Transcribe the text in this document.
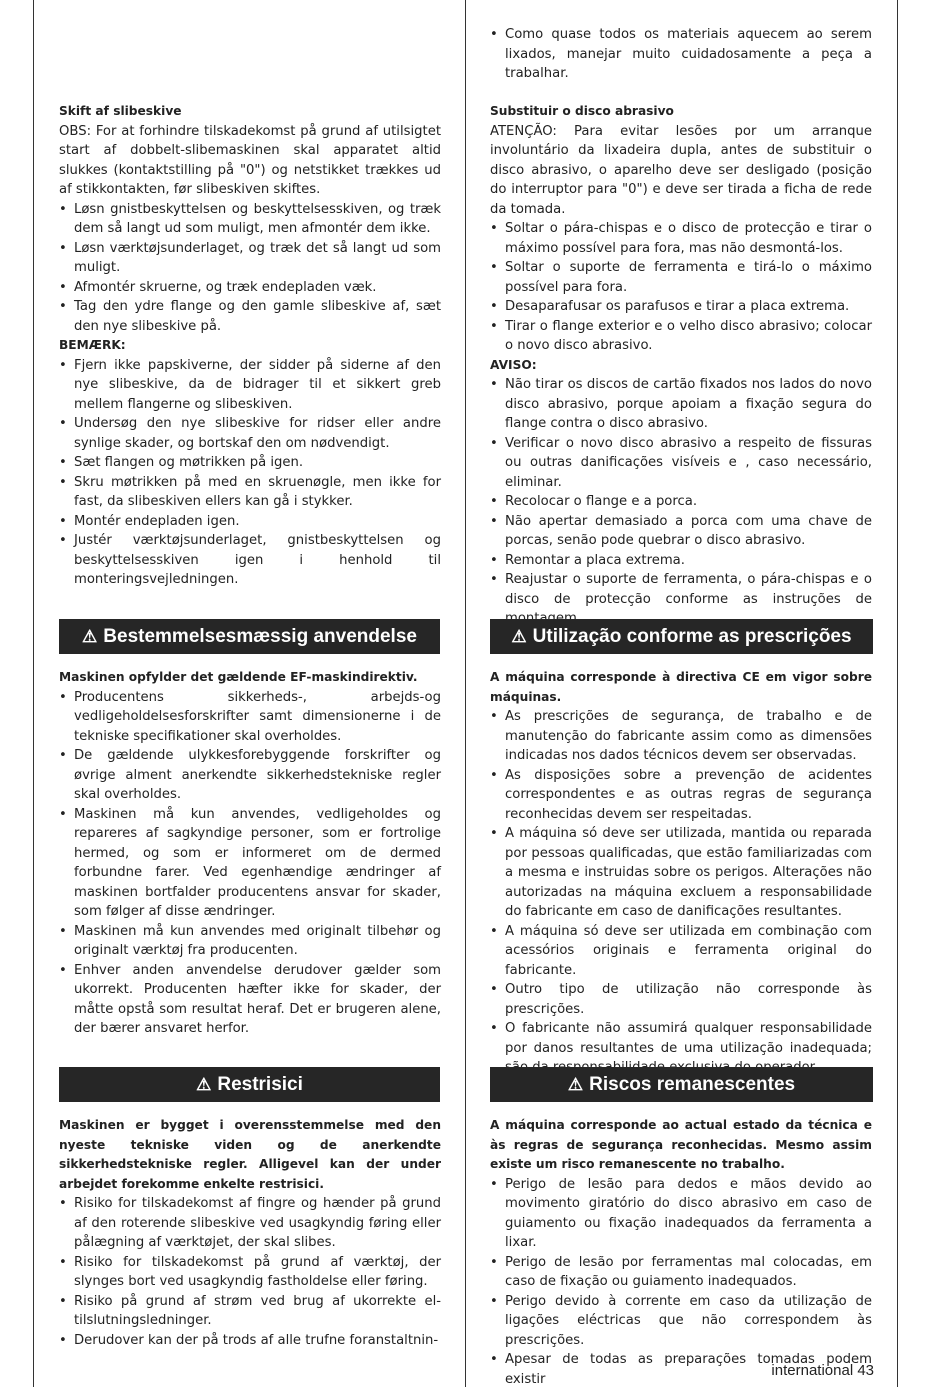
Skift af slibeskive

OBS: For at forhindre tilskadekomst på grund af utilsigtet start af dobbelt-slibemaskinen skal apparatet altid slukkes (kontaktstilling på "0") og netstikket trækkes ud af stikkontakten, før slibeskiven skiftes.

• Løsn gnistbeskyttelsen og beskyttelsesskiven, og træk dem så langt ud som muligt, men afmontér dem ikke.
• Løsn værktøjsunderlaget, og træk det så langt ud som muligt.
• Afmontér skruerne, og træk endepladen væk.
• Tag den ydre flange og den gamle slibeskive af, sæt den nye slibeskive på.
BEMÆRK:
• Fjern ikke papskiverne, der sidder på siderne af den nye slibeskive, da de bidrager til et sikkert greb mellem flangerne og slibeskiven.
• Undersøg den nye slibeskive for ridser eller andre synlige skader, og bortskaf den om nødvendigt.
• Sæt flangen og møtrikken på igen.
• Skru møtrikken på med en skruenøgle, men ikke for fast, da slibeskiven ellers kan gå i stykker.
• Montér endepladen igen.
• Justér værktøjsunderlaget, gnistbeskyttelsen og beskyttelsesskiven igen i henhold til monteringsvejledningen.
⚠ Bestemmelsesmæssig anvendelse

Maskinen opfylder det gældende EF-maskindirektiv.

• Producentens sikkerheds-, arbejds-og vedligeholdelsesforskrifter samt dimensionerne i de tekniske specifikationer skal overholdes.
• De gældende ulykkesforebyggende forskrifter og øvrige alment anerkendte sikkerhedstekniske regler skal overholdes.
• Maskinen må kun anvendes, vedligeholdes og repareres af sagkyndige personer, som er fortrolige hermed, og som er informeret om de dermed forbundne farer. Ved egenhændige ændringer af maskinen bortfalder producentens ansvar for skader, som følger af disse ændringer.
• Maskinen må kun anvendes med originalt tilbehør og originalt værktøj fra producenten.
• Enhver anden anvendelse derudover gælder som ukorrekt. Producenten hæfter ikke for skader, der måtte opstå som resultat heraf. Det er brugeren alene, der bærer ansvaret herfor.
⚠ Restrisici

Maskinen er bygget i overensstemmelse med den nyeste tekniske viden og de anerkendte sikkerhedstekniske regler. Alligevel kan der under arbejdet forekomme enkelte restrisici.

• Risiko for tilskadekomst af fingre og hænder på grund af den roterende slibeskive ved usagkyndig føring eller pålægning af værktøjet, der skal slibes.
• Risiko for tilskadekomst på grund af værktøj, der slynges bort ved usagkyndig fastholdelse eller føring.
• Risiko på grund af strøm ved brug af ukorrekte el-tilslutningsledninger.
• Derudover kan der på trods af alle trufne foranstaltnin-
• Como quase todos os materiais aquecem ao serem lixados, manejar muito cuidadosamente a peça a trabalhar.
Substituir o disco abrasivo

ATENÇÃO: Para evitar lesões por um arranque involuntário da lixadeira dupla, antes de substituir o disco abrasivo, o aparelho deve ser desligado (posição do interruptor para "0") e deve ser tirada a ficha de rede da tomada.

• Soltar o pára-chispas e o disco de protecção e tirar o máximo possível para fora, mas não desmontá-los.
• Soltar o suporte de ferramenta e tirá-lo o máximo possível para fora.
• Desaparafusar os parafusos e tirar a placa extrema.
• Tirar o flange exterior e o velho disco abrasivo; colocar o novo disco abrasivo.
AVISO:
• Não tirar os discos de cartão fixados nos lados do novo disco abrasivo, porque apoiam a fixação segura do flange contra o disco abrasivo.
• Verificar o novo disco abrasivo a respeito de fissuras ou outras danificações visíveis e , caso necessário, eliminar.
• Recolocar o flange e a porca.
• Não apertar demasiado a porca com uma chave de porcas, senão pode quebrar o disco abrasivo.
• Remontar a placa extrema.
• Reajustar o suporte de ferramenta, o pára-chispas e o disco de protecção conforme as instruções de
⚠ Utilização conforme as prescrições

A máquina corresponde à directiva CE em vigor sobre máquinas.

• As prescrições de segurança, de trabalho e de manutenção do fabricante assim como as dimensões indicadas nos dados técnicos devem ser observadas.
• As disposições sobre a prevenção de acidentes correspondentes e as outras regras de segurança reconhecidas devem ser respeitadas.
• A máquina só deve ser utilizada, mantida ou reparada por pessoas qualificadas, que estão familiarizadas com a mesma e instruidas sobre os perigos. Alterações não autorizadas na máquina excluem a responsabilidade do fabricante em caso de danificações resultantes.
• A máquina só deve ser utilizada em combinação com acessórios originais e ferramenta original do fabricante.
• Outro tipo de utilização não corresponde às prescrições.
• O fabricante não assumirá qualquer responsabilidade por danos resultantes de uma utilização inadequada;
⚠ Riscos remanescentes

A máquina corresponde ao actual estado da técnica e às regras de segurança reconhecidas. Mesmo assim existe um risco remanescente no trabalho.

• Perigo de lesão para dedos e mãos devido ao movimento giratório do disco abrasivo em caso de guiamento ou fixação inadequados da ferramenta a lixar.
• Perigo de lesão por ferramentas mal colocadas, em caso de fixação ou guiamento inadequados.
• Perigo devido à corrente em caso da utilização de ligações eléctricas que não correspondem às prescrições.
• Apesar de todas as preparações tomadas podem existir	international 43
